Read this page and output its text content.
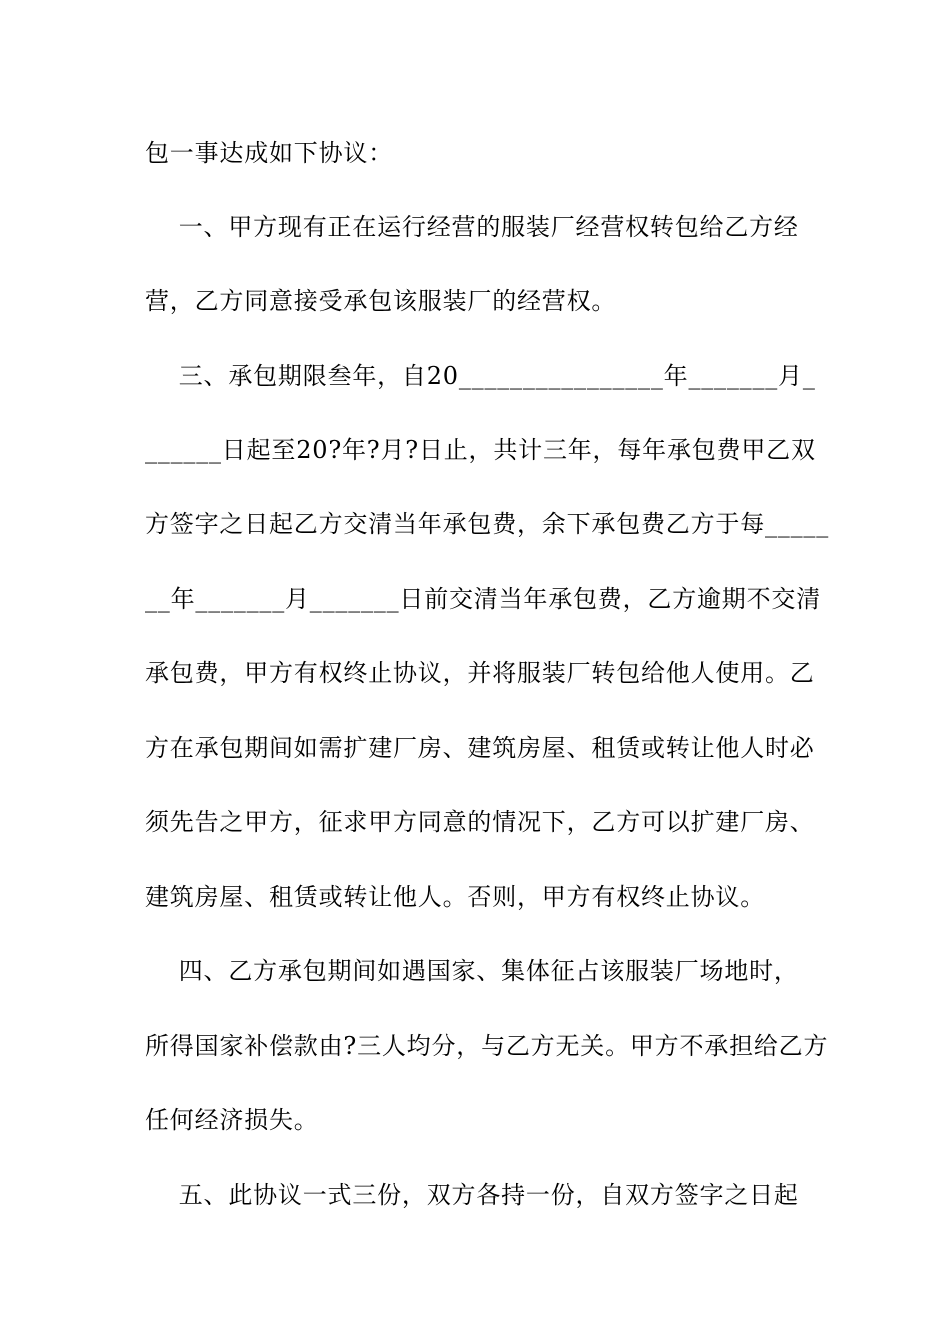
包一事达成如下协议：
一、甲方现有正在运行经营的服装厂经营权转包给乙方经
营，乙方同意接受承包该服装厂的经营权。
三、承包期限叁年，自20________________年_______月_
______日起至20?年?月?日止，共计三年，每年承包费甲乙双
方签字之日起乙方交清当年承包费，余下承包费乙方于每_____
__年_______月_______日前交清当年承包费，乙方逾期不交清
承包费，甲方有权终止协议，并将服装厂转包给他人使用。乙
方在承包期间如需扩建厂房、建筑房屋、租赁或转让他人时必
须先告之甲方，征求甲方同意的情况下，乙方可以扩建厂房、
建筑房屋、租赁或转让他人。否则，甲方有权终止协议。
四、乙方承包期间如遇国家、集体征占该服装厂场地时，
所得国家补偿款由?三人均分，与乙方无关。甲方不承担给乙方
任何经济损失。
五、此协议一式三份，双方各持一份，自双方签字之日起
